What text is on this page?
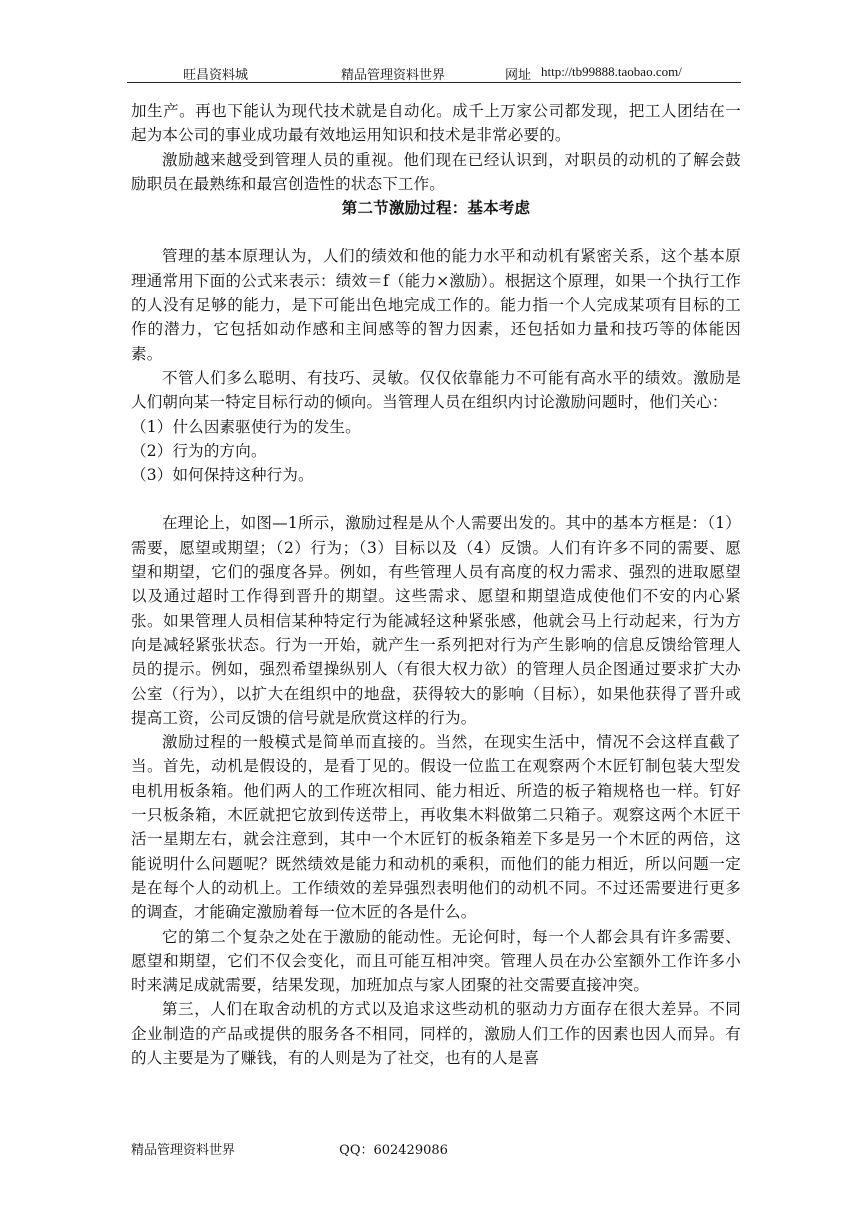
旺昌资料城	精品管理资料世界	网址 http://tb99888.taobao.com/

加生产。再也下能认为现代技术就是自动化。成千上万家公司都发现，把工人团结在一起为本公司的事业成功最有效地运用知识和技术是非常必要的。

激励越来越受到管理人员的重视。他们现在已经认识到，对职员的动机的了解会鼓励职员在最熟练和最宫创造性的状态下工作。

第二节激励过程：基本考虑

管理的基本原理认为，人们的绩效和他的能力水平和动机有紧密关系，这个基本原理通常用下面的公式来表示：绩效＝f（能力×激励）。根据这个原理，如果一个执行工作的人没有足够的能力，是下可能出色地完成工作的。能力指一个人完成某项有目标的工作的潜力，它包括如动作感和主间感等的智力因素，还包括如力量和技巧等的体能因素。

不管人们多么聪明、有技巧、灵敏。仅仅依靠能力不可能有高水平的绩效。激励是人们朝向某一特定目标行动的倾向。当管理人员在组织内讨论激励问题时，他们关心：

（1）什么因素驱使行为的发生。

（2）行为的方向。

（3）如何保持这种行为。

在理论上，如图—1所示，激励过程是从个人需要出发的。其中的基本方框是：（1）需要，愿望或期望；（2）行为；（3）目标以及（4）反馈。人们有许多不同的需要、愿望和期望，它们的强度各异。例如，有些管理人员有高度的权力需求、强烈的进取愿望以及通过超时工作得到晋升的期望。这些需求、愿望和期望造成使他们不安的内心紧张。如果管理人员相信某种特定行为能减轻这种紧张感，他就会马上行动起来，行为方向是减轻紧张状态。行为一开始，就产生一系列把对行为产生影响的信息反馈给管理人员的提示。例如，强烈希望操纵别人（有很大权力欲）的管理人员企图通过要求扩大办公室（行为），以扩大在组织中的地盘，获得较大的影响（目标），如果他获得了晋升或提高工资，公司反馈的信号就是欣赏这样的行为。

激励过程的一般模式是简单而直接的。当然，在现实生活中，情况不会这样直截了当。首先，动机是假设的，是看丁见的。假设一位监工在观察两个木匠钉制包装大型发电机用板条箱。他们两人的工作班次相同、能力相近、所造的板子箱规格也一样。钉好一只板条箱，木匠就把它放到传送带上，再收集木料做第二只箱子。观察这两个木匠干活一星期左右，就会注意到，其中一个木匠钉的板条箱差下多是另一个木匠的两倍，这能说明什么问题呢？既然绩效是能力和动机的乘积，而他们的能力相近，所以问题一定是在每个人的动机上。工作绩效的差异强烈表明他们的动机不同。不过还需要进行更多的调查，才能确定激励着每一位木匠的各是什么。

它的第二个复杂之处在于激励的能动性。无论何时，每一个人都会具有许多需要、愿望和期望，它们不仅会变化，而且可能互相冲突。管理人员在办公室额外工作许多小时来满足成就需要，结果发现，加班加点与家人团聚的社交需要直接冲突。

第三，人们在取舍动机的方式以及追求这些动机的驱动力方面存在很大差异。不同企业制造的产品或提供的服务各不相同，同样的，激励人们工作的因素也因人而异。有的人主要是为了赚钱，有的人则是为了社交，也有的人是喜

精品管理资料世界	QQ：602429086
